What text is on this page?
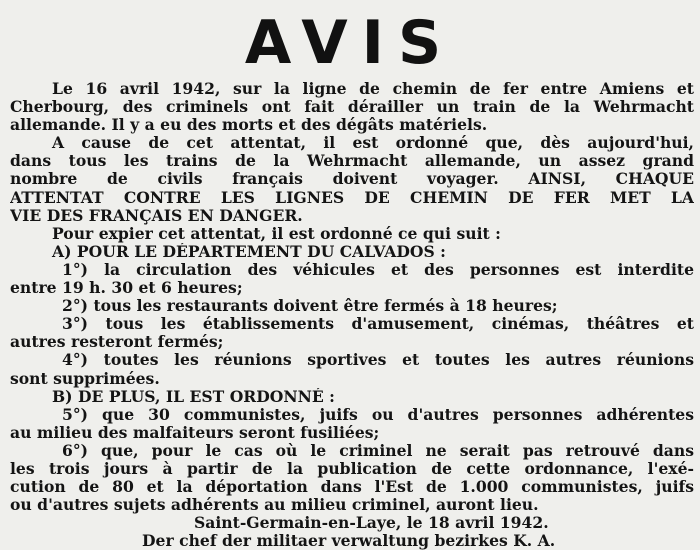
AVIS
Le 16 avril 1942, sur la ligne de chemin de fer entre Amiens et
Cherbourg, des criminels ont fait dérailler un train de la Wehrmacht
allemande. Il y a eu des morts et des dégâts matériels.
A cause de cet attentat, il est ordonné que, dès aujourd'hui,
dans tous les trains de la Wehrmacht allemande, un assez grand
nombre de civils français doivent voyager. AINSI, CHAQUE
ATTENTAT CONTRE LES LIGNES DE CHEMIN DE FER MET LA
VIE DES FRANÇAIS EN DANGER.
Pour expier cet attentat, il est ordonné ce qui suit :
A) POUR LE DÉPARTEMENT DU CALVADOS :
1°) la circulation des véhicules et des personnes est interdite
entre 19 h. 30 et 6 heures;
2°) tous les restaurants doivent être fermés à 18 heures;
3°) tous les établissements d'amusement, cinémas, théâtres et
autres resteront fermés;
4°) toutes les réunions sportives et toutes les autres réunions
sont supprimées.
B) DE PLUS, IL EST ORDONNÉ :
5°) que 30 communistes, juifs ou d'autres personnes adhérentes
au milieu des malfaiteurs seront fusiliées;
6°) que, pour le cas où le criminel ne serait pas retrouvé dans
les trois jours à partir de la publication de cette ordonnance, l'exé-
cution de 80 et la déportation dans l'Est de 1.000 communistes, juifs
ou d'autres sujets adhérents au milieu criminel, auront lieu.
Saint-Germain-en-Laye, le 18 avril 1942.
Der chef der militaer verwaltung bezirkes K. A.
